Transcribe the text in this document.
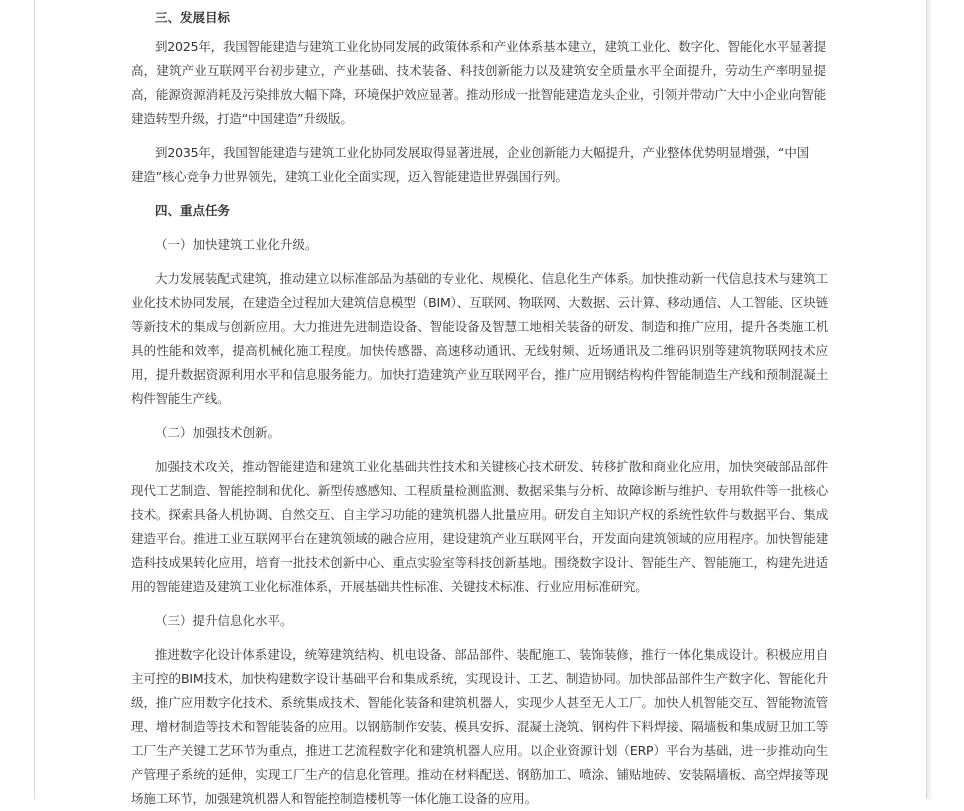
三、发展目标

到2025年，我国智能建造与建筑工业化协同发展的政策体系和产业体系基本建立，建筑工业化、数字化、智能化水平显著提高，建筑产业互联网平台初步建立，产业基础、技术装备、科技创新能力以及建筑安全质量水平全面提升，劳动生产率明显提高，能源资源消耗及污染排放大幅下降，环境保护效应显著。推动形成一批智能建造龙头企业，引领并带动广大中小企业向智能建造转型升级，打造“中国建造”升级版。

到2035年，我国智能建造与建筑工业化协同发展取得显著进展，企业创新能力大幅提升，产业整体优势明显增强，“中国建造”核心竞争力世界领先，建筑工业化全面实现，迈入智能建造世界强国行列。

四、重点任务

（一）加快建筑工业化升级。

大力发展装配式建筑，推动建立以标准部品为基础的专业化、规模化、信息化生产体系。加快推动新一代信息技术与建筑工业化技术协同发展，在建造全过程加大建筑信息模型（BIM）、互联网、物联网、大数据、云计算、移动通信、人工智能、区块链等新技术的集成与创新应用。大力推进先进制造设备、智能设备及智慧工地相关装备的研发、制造和推广应用，提升各类施工机具的性能和效率，提高机械化施工程度。加快传感器、高速移动通讯、无线射频、近场通讯及二维码识别等建筑物联网技术应用，提升数据资源利用水平和信息服务能力。加快打造建筑产业互联网平台，推广应用钢结构构件智能制造生产线和预制混凝土构件智能生产线。

（二）加强技术创新。

加强技术攻关，推动智能建造和建筑工业化基础共性技术和关键核心技术研发、转移扩散和商业化应用，加快突破部品部件现代工艺制造、智能控制和优化、新型传感感知、工程质量检测监测、数据采集与分析、故障诊断与维护、专用软件等一批核心技术。探索具备人机协调、自然交互、自主学习功能的建筑机器人批量应用。研发自主知识产权的系统性软件与数据平台、集成建造平台。推进工业互联网平台在建筑领域的融合应用，建设建筑产业互联网平台，开发面向建筑领域的应用程序。加快智能建造科技成果转化应用，培育一批技术创新中心、重点实验室等科技创新基地。围绕数字设计、智能生产、智能施工，构建先进适用的智能建造及建筑工业化标准体系，开展基础共性标准、关键技术标准、行业应用标准研究。

（三）提升信息化水平。

推进数字化设计体系建设，统筹建筑结构、机电设备、部品部件、装配施工、装饰装修，推行一体化集成设计。积极应用自主可控的BIM技术，加快构建数字设计基础平台和集成系统，实现设计、工艺、制造协同。加快部品部件生产数字化、智能化升级，推广应用数字化技术、系统集成技术、智能化装备和建筑机器人，实现少人甚至无人工厂。加快人机智能交互、智能物流管理、增材制造等技术和智能装备的应用。以钢筋制作安装、模具安拆、混凝土浇筑、钢构件下料焊接、隔墙板和集成厨卫加工等工厂生产关键工艺环节为重点，推进工艺流程数字化和建筑机器人应用。以企业资源计划（ERP）平台为基础，进一步推动向生产管理子系统的延伸，实现工厂生产的信息化管理。推动在材料配送、钢筋加工、喷涂、铺贴地砖、安装隔墙板、高空焊接等现场施工环节，加强建筑机器人和智能控制造楼机等一体化施工设备的应用。
